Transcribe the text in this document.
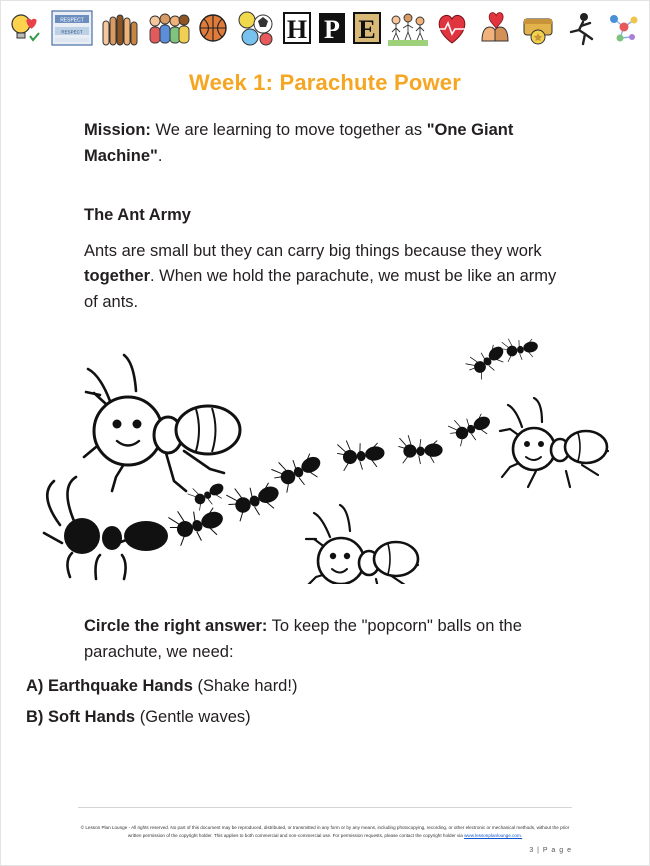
RESPECT
RESPECT	H P E
Week 1: Parachute Power
Mission: We are learning to move together as "One Giant Machine".
The Ant Army
Ants are small but they can carry big things because they work together. When we hold the parachute, we must be like an army of ants.
Circle the right answer: To keep the "popcorn" balls on the parachute, we need:
A) Earthquake Hands (Shake hard!)
B) Soft Hands (Gentle waves)
© Lesson Plan Lounge - All rights reserved. No part of this document may be reproduced, distributed, or transmitted in any form or by any means, including photocopying, recording, or other electronic or mechanical methods, without the prior written permission of the copyright holder. This applies to both commercial and non-commercial use. For permission requests, please contact the copyright holder via www.lessonplanlounge.com.
3 | P a g e
